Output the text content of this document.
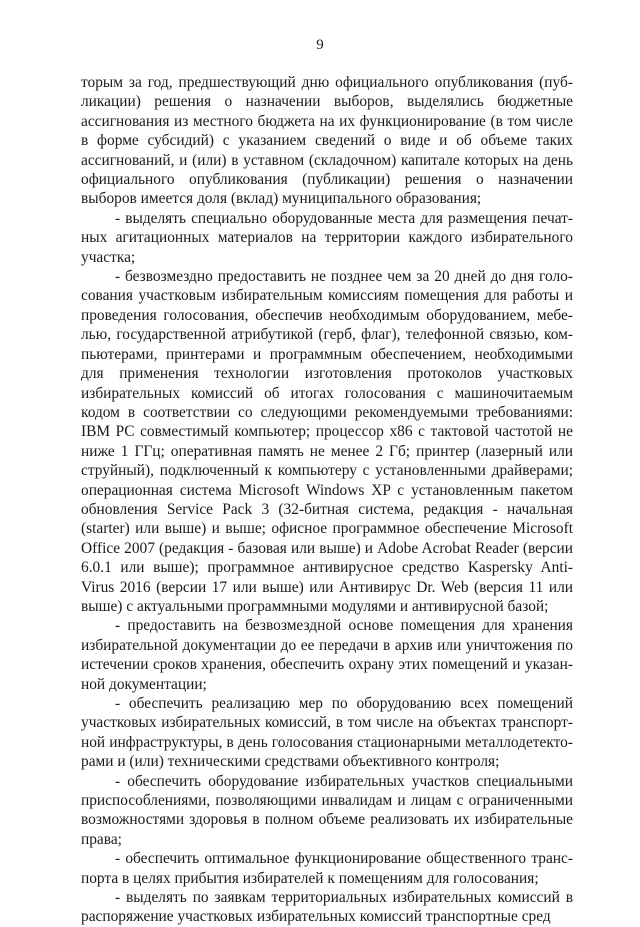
9

торым за год, предшествующий дню официального опубликования (публикации) решения о назначении выборов, выделялись бюджетные ассигнования из местного бюджета на их функционирование (в том числе в форме субсидий) с указанием сведений о виде и об объеме таких ассигнований, и (или) в уставном (складочном) капитале которых на день официального опубликования (публикации) решения о назначении выборов имеется доля (вклад) муниципального образования;

- выделять специально оборудованные места для размещения печатных агитационных материалов на территории каждого избирательного участка;

- безвозмездно предоставить не позднее чем за 20 дней до дня голосования участковым избирательным комиссиям помещения для работы и проведения голосования, обеспечив необходимым оборудованием, мебелью, государственной атрибутикой (герб, флаг), телефонной связью, компьютерами, принтерами и программным обеспечением, необходимыми для применения технологии изготовления протоколов участковых избирательных комиссий об итогах голосования с машиночитаемым кодом в соответствии со следующими рекомендуемыми требованиями: IBM PC совместимый компьютер; процессор x86 с тактовой частотой не ниже 1 ГГц; оперативная память не менее 2 Гб; принтер (лазерный или струйный), подключенный к компьютеру с установленными драйверами; операционная система Microsoft Windows XP с установленным пакетом обновления Service Pack 3 (32-битная система, редакция - начальная (starter) или выше) и выше; офисное программное обеспечение Microsoft Office 2007 (редакция - базовая или выше) и Adobe Acrobat Reader (версии 6.0.1 или выше); программное антивирусное средство Kaspersky Anti-Virus 2016 (версии 17 или выше) или Антивирус Dr. Web (версия 11 или выше) с актуальными программными модулями и антивирусной базой;

- предоставить на безвозмездной основе помещения для хранения избирательной документации до ее передачи в архив или уничтожения по истечении сроков хранения, обеспечить охрану этих помещений и указанной документации;

- обеспечить реализацию мер по оборудованию всех помещений участковых избирательных комиссий, в том числе на объектах транспортной инфраструктуры, в день голосования стационарными металлодетекторами и (или) техническими средствами объективного контроля;

- обеспечить оборудование избирательных участков специальными приспособлениями, позволяющими инвалидам и лицам с ограниченными возможностями здоровья в полном объеме реализовать их избирательные права;

- обеспечить оптимальное функционирование общественного транспорта в целях прибытия избирателей к помещениям для голосования;

- выделять по заявкам территориальных избирательных комиссий в распоряжение участковых избирательных комиссий транспортные сред
